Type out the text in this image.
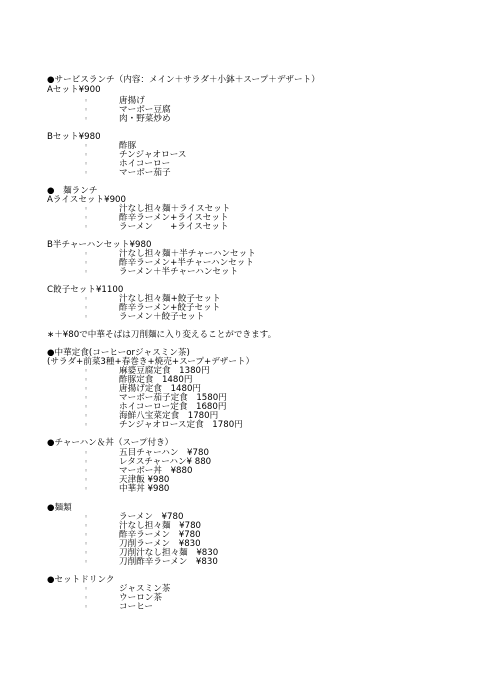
●サービスランチ（内容：メイン＋サラダ＋小鉢＋スープ＋デザート）
Aセット¥900
唐揚げ
◦
マーボー豆腐
◦
肉・野菜炒め
◦
Bセット¥980
酢豚
◦
チンジャオロース
◦
ホイコーロー
◦
マーボー茄子
◦
●　麺ランチ
Aライスセット¥900
汁なし担々麺＋ライスセット
◦
酢辛ラーメン+ライスセット
◦
ラーメン　　+ライスセット
◦
B半チャーハンセット¥980
汁なし担々麺＋半チャーハンセット
◦
酢辛ラーメン+半チャーハンセット
◦
ラーメン＋半チャーハンセット
◦
C餃子セット¥1100
汁なし担々麺+餃子セット
◦
酢辛ラーメン+餃子セット
◦
ラーメン＋餃子セット
◦
∗＋¥80で中華そばは刀削麺に入り変えることができます。
●中華定食(コーヒーorジャスミン茶)
(サラダ+前菜3種+春巻き+焼売+スープ+デザート）
麻婆豆腐定食　1380円
◦
酢豚定食　1480円
◦
唐揚げ定食　1480円
◦
マーボー茄子定食　1580円
◦
ホイコーロー定食　1680円
◦
海鮮八宝菜定食　1780円
◦
チンジャオロース定食　1780円
◦
●チャーハン＆丼（スープ付き）
五目チャーハン　¥780
◦
レタスチャーハン¥ 880
◦
マーボー丼　¥880
◦
天津飯 ¥980
◦
中華丼 ¥980
◦
●麺類
ラーメン　¥780
◦
汁なし担々麺　¥780
◦
酢辛ラーメン　¥780
◦
刀削ラーメン　¥830
◦
刀削汁なし担々麺　¥830
◦
刀削酢辛ラーメン　¥830
◦
●セットドリンク
ジャスミン茶
◦
ウーロン茶
◦
コーヒー
◦
